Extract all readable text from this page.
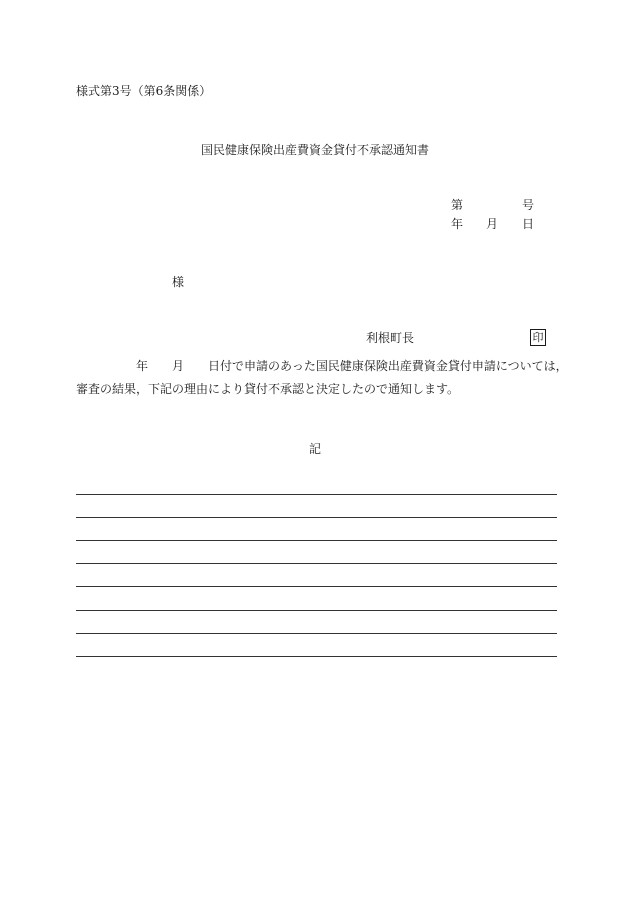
様式第3号（第6条関係）
国民健康保険出産費資金貸付不承認通知書
第	号
年 月 日
様
利根町長	印
年 月 日付で申請のあった国民健康保険出産費資金貸付申請については，
審査の結果，下記の理由により貸付不承認と決定したので通知します。
記
